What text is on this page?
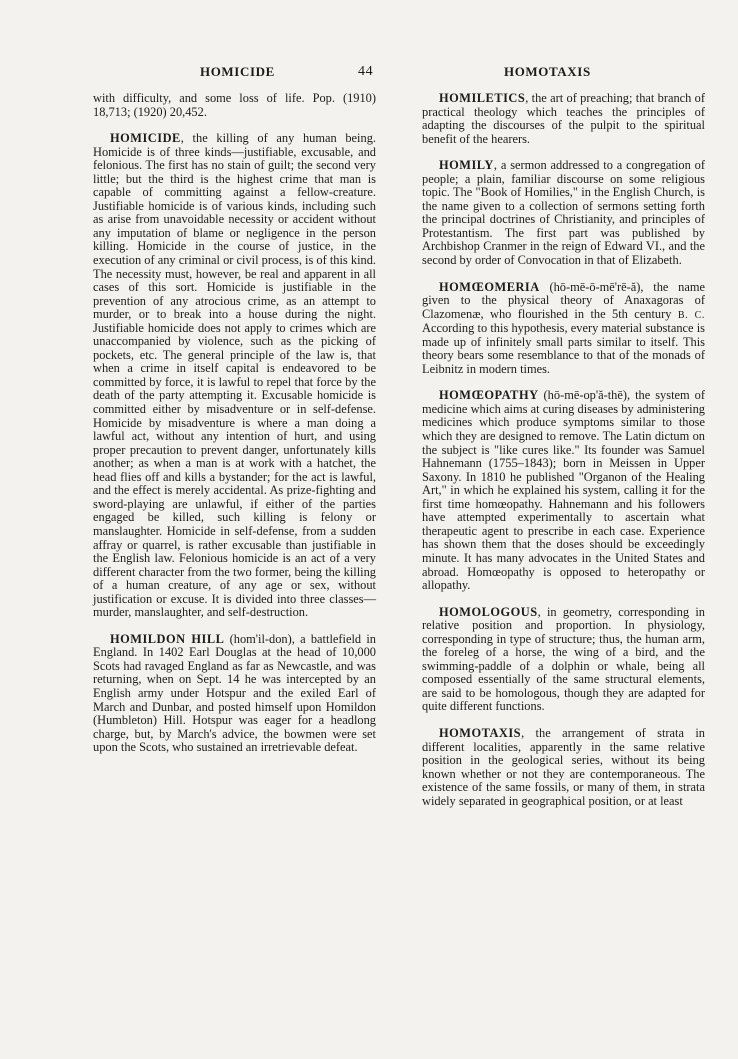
HOMICIDE	44	HOMOTAXIS

with difficulty, and some loss of life. Pop. (1910) 18,713; (1920) 20,452.

HOMICIDE, the killing of any human being. Homicide is of three kinds—justifiable, excusable, and felonious. The first has no stain of guilt; the second very little; but the third is the highest crime that man is capable of committing against a fellow-creature. Justifiable homicide is of various kinds, including such as arise from unavoidable necessity or accident without any imputation of blame or negligence in the person killing. Homicide in the course of justice, in the execution of any criminal or civil process, is of this kind. The necessity must, however, be real and apparent in all cases of this sort. Homicide is justifiable in the prevention of any atrocious crime, as an attempt to murder, or to break into a house during the night. Justifiable homicide does not apply to crimes which are unaccompanied by violence, such as the picking of pockets, etc. The general principle of the law is, that when a crime in itself capital is endeavored to be committed by force, it is lawful to repel that force by the death of the party attempting it. Excusable homicide is committed either by misadventure or in self-defense. Homicide by misadventure is where a man doing a lawful act, without any intention of hurt, and using proper precaution to prevent danger, unfortunately kills another; as when a man is at work with a hatchet, the head flies off and kills a bystander; for the act is lawful, and the effect is merely accidental. As prize-fighting and sword-playing are unlawful, if either of the parties engaged be killed, such killing is felony or manslaughter. Homicide in self-defense, from a sudden affray or quarrel, is rather excusable than justifiable in the English law. Felonious homicide is an act of a very different character from the two former, being the killing of a human creature, of any age or sex, without justification or excuse. It is divided into three classes—murder, manslaughter, and self-destruction.

HOMILDON HILL (hom'il-don), a battlefield in England. In 1402 Earl Douglas at the head of 10,000 Scots had ravaged England as far as Newcastle, and was returning, when on Sept. 14 he was intercepted by an English army under Hotspur and the exiled Earl of March and Dunbar, and posted himself upon Homildon (Humbleton) Hill. Hotspur was eager for a headlong charge, but, by March's advice, the bowmen were set upon the Scots, who sustained an irretrievable defeat.

HOMILETICS, the art of preaching; that branch of practical theology which teaches the principles of adapting the discourses of the pulpit to the spiritual benefit of the hearers.

HOMILY, a sermon addressed to a congregation of people; a plain, familiar discourse on some religious topic. The "Book of Homilies," in the English Church, is the name given to a collection of sermons setting forth the principal doctrines of Christianity, and principles of Protestantism. The first part was published by Archbishop Cranmer in the reign of Edward VI., and the second by order of Convocation in that of Elizabeth.

HOMŒOMERIA (hō-mē-ō-mē'rē-ă), the name given to the physical theory of Anaxagoras of Clazomenæ, who flourished in the 5th century B. C. According to this hypothesis, every material substance is made up of infinitely small parts similar to itself. This theory bears some resemblance to that of the monads of Leibnitz in modern times.

HOMŒOPATHY (hō-mē-op'ă-thē), the system of medicine which aims at curing diseases by administering medicines which produce symptoms similar to those which they are designed to remove. The Latin dictum on the subject is "like cures like." Its founder was Samuel Hahnemann (1755–1843); born in Meissen in Upper Saxony. In 1810 he published "Organon of the Healing Art," in which he explained his system, calling it for the first time homœopathy. Hahnemann and his followers have attempted experimentally to ascertain what therapeutic agent to prescribe in each case. Experience has shown them that the doses should be exceedingly minute. It has many advocates in the United States and abroad. Homœopathy is opposed to heteropathy or allopathy.

HOMOLOGOUS, in geometry, corresponding in relative position and proportion. In physiology, corresponding in type of structure; thus, the human arm, the foreleg of a horse, the wing of a bird, and the swimming-paddle of a dolphin or whale, being all composed essentially of the same structural elements, are said to be homologous, though they are adapted for quite different functions.

HOMOTAXIS, the arrangement of strata in different localities, apparently in the same relative position in the geological series, without its being known whether or not they are contemporaneous. The existence of the same fossils, or many of them, in strata widely separated in geographical position, or at least
